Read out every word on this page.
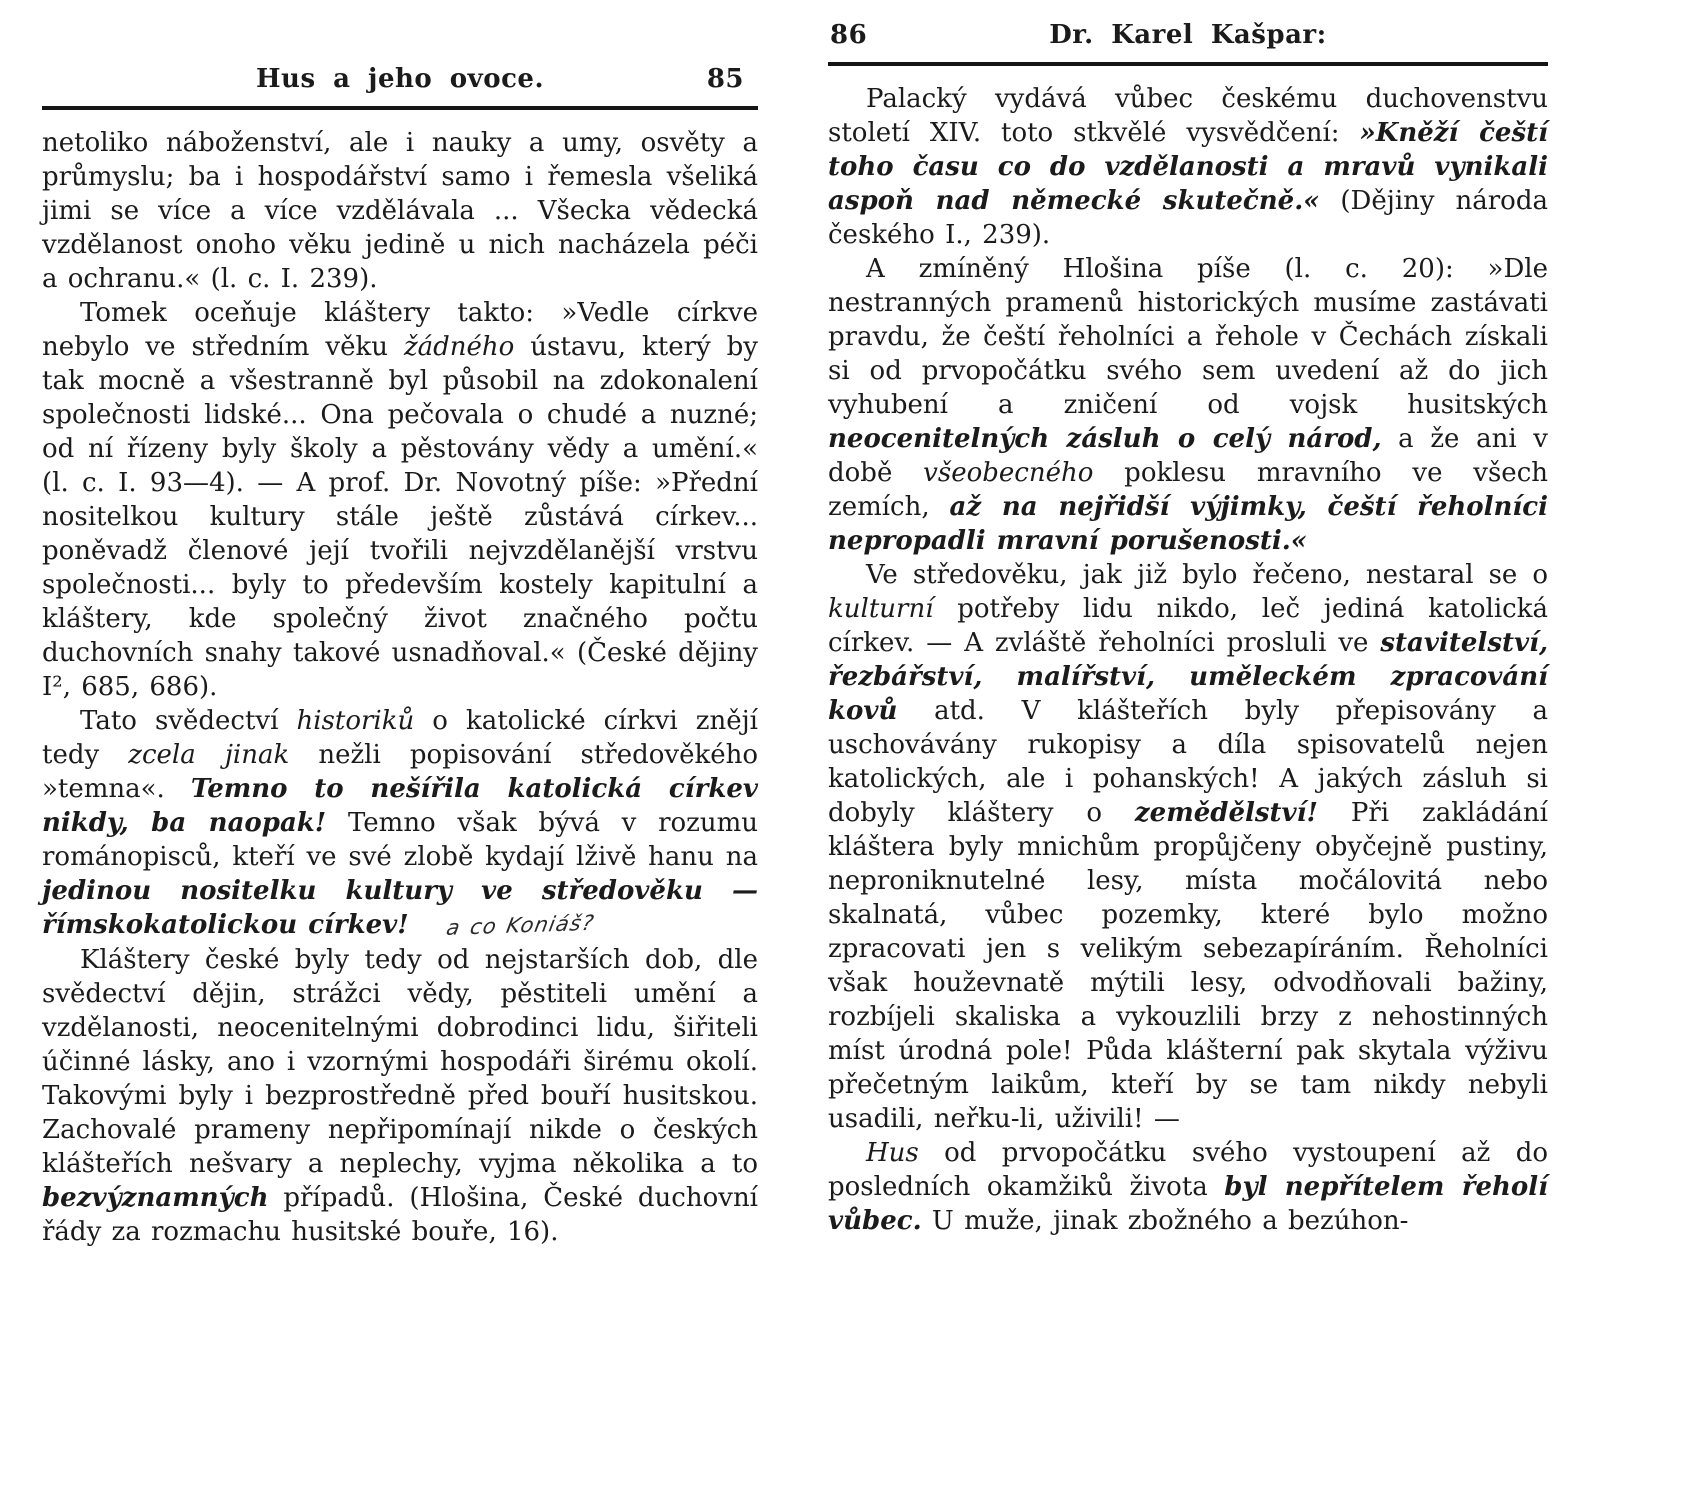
Hus a jeho ovoce.	85

netoliko náboženství, ale i nauky a umy, osvěty a průmyslu; ba i hospodářství samo i řemesla všeliká jimi se více a více vzdělávala ... Všecka vědecká vzdělanost onoho věku jedině u nich nacházela péči a ochranu.« (l. c. I. 239).

Tomek oceňuje kláštery takto: »Vedle církve nebylo ve středním věku žádného ústavu, který by tak mocně a všestranně byl působil na zdokonalení společnosti lidské... Ona pečovala o chudé a nuzné; od ní řízeny byly školy a pěstovány vědy a umění.« (l. c. I. 93—4). — A prof. Dr. Novotný píše: »Přední nositelkou kultury stále ještě zůstává církev... poněvadž členové její tvořili nejvzdělanější vrstvu společnosti... byly to především kostely kapitulní a kláštery, kde společný život značného počtu duchovních snahy takové usnadňoval.« (České dějiny I², 685, 686).

Tato svědectví historiků o katolické církvi znějí tedy zcela jinak nežli popisování středověkého »temna«. Temno to nešířila katolická církev nikdy, ba naopak! Temno však bývá v rozumu románopisců, kteří ve své zlobě kydají lživě hanu na jedinou nositelku kultury ve středověku — římskokatolickou církev!a co Koniáš?

Kláštery české byly tedy od nejstarších dob, dle svědectví dějin, strážci vědy, pěstiteli umění a vzdělanosti, neocenitelnými dobrodinci lidu, šiřiteli účinné lásky, ano i vzornými hospodáři širému okolí. Takovými byly i bezprostředně před bouří husitskou. Zachovalé prameny nepřipomínají nikde o českých klášteřích nešvary a neplechy, vyjma několika a to bezvýznamných případů. (Hlošina, České duchovní řády za rozmachu husitské bouře, 16).

86	Dr. Karel Kašpar:

Palacký vydává vůbec českému duchovenstvu století XIV. toto stkvělé vysvědčení: »Kněží čeští toho času co do vzdělanosti a mravů vynikali aspoň nad německé skutečně.« (Dějiny národa českého I., 239).

A zmíněný Hlošina píše (l. c. 20): »Dle nestranných pramenů historických musíme zastávati pravdu, že čeští řeholníci a řehole v Čechách získali si od prvopočátku svého sem uvedení až do jich vyhubení a zničení od vojsk husitských neocenitelných zásluh o celý národ, a že ani v době všeobecného poklesu mravního ve všech zemích, až na nejřidší výjimky, čeští řeholníci nepropadli mravní porušenosti.«

Ve středověku, jak již bylo řečeno, nestaral se o kulturní potřeby lidu nikdo, leč jediná katolická církev. — A zvláště řeholníci prosluli ve stavitelství, řezbářství, malířství, uměleckém zpracování kovů atd. V klášteřích byly přepisovány a uschovávány rukopisy a díla spisovatelů nejen katolických, ale i pohanských! A jakých zásluh si dobyly kláštery o zemědělství! Při zakládání kláštera byly mnichům propůjčeny obyčejně pustiny, neproniknutelné lesy, místa močálovitá nebo skalnatá, vůbec pozemky, které bylo možno zpracovati jen s velikým sebezapíráním. Řeholníci však houževnatě mýtili lesy, odvodňovali bažiny, rozbíjeli skaliska a vykouzlili brzy z nehostinných míst úrodná pole! Půda klášterní pak skytala výživu přečetným laikům, kteří by se tam nikdy nebyli usadili, neřku-li, uživili! —

Hus od prvopočátku svého vystoupení až do posledních okamžiků života byl nepřítelem řeholí vůbec. U muže, jinak zbožného a bezúhon-
